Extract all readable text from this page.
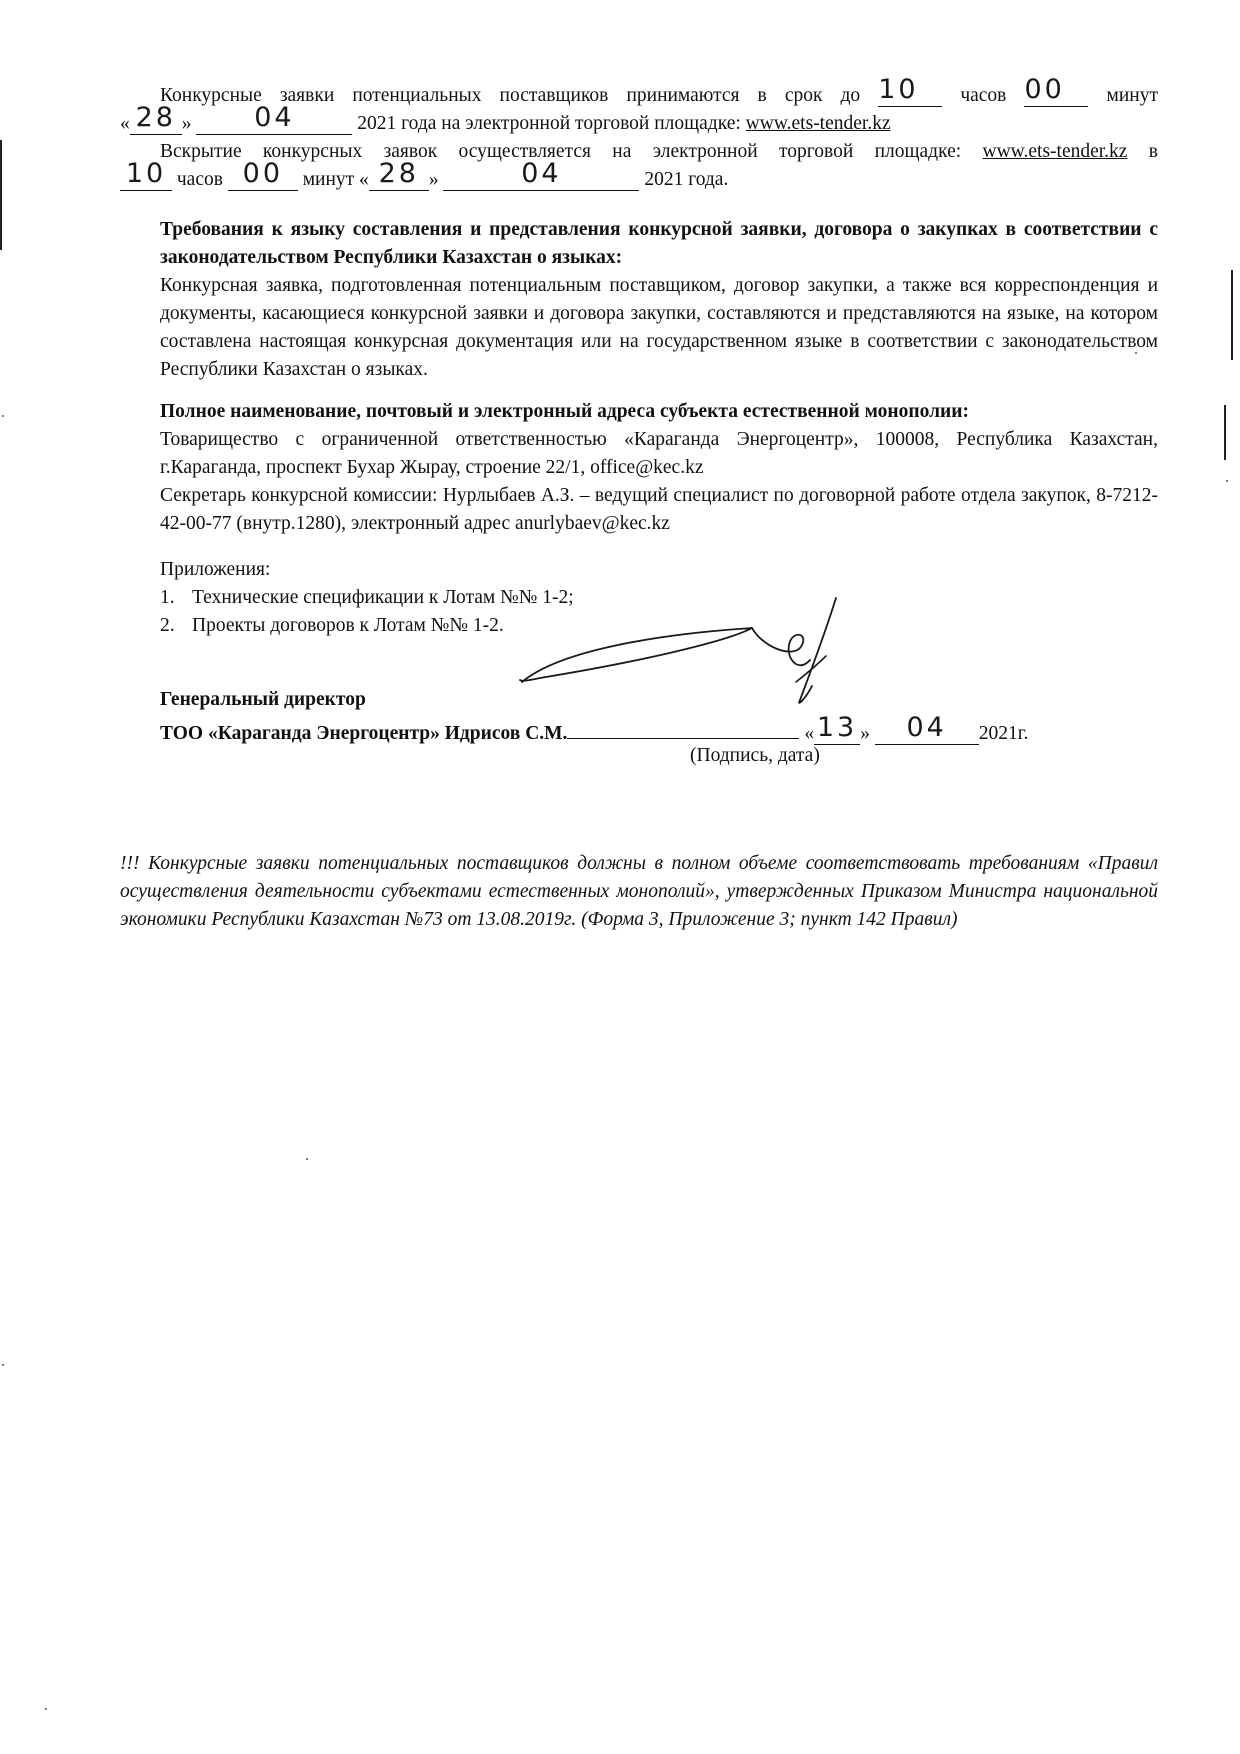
Конкурсные заявки потенциальных поставщиков принимаются в срок до 10 часов 00 минут
« 28 » 04	2021 года на электронной торговой площадке: www.ets-tender.kz
Вскрытие конкурсных заявок осуществляется на электронной торговой площадке: www.ets-tender.kz в
10 часов 00 минут « 28 »	04	2021 года.
Требования к языку составления и представления конкурсной заявки, договора о закупках в соответствии с законодательством Республики Казахстан о языках:
Конкурсная заявка, подготовленная потенциальным поставщиком, договор закупки, а также вся корреспонденция и документы, касающиеся конкурсной заявки и договора закупки, составляются и представляются на языке, на котором составлена настоящая конкурсная документация или на государственном языке в соответствии с законодательством Республики Казахстан о языках.
Полное наименование, почтовый и электронный адреса субъекта естественной монополии:
Товарищество с ограниченной ответственностью «Караганда Энергоцентр», 100008, Республика Казахстан, г.Караганда, проспект Бухар Жырау, строение 22/1, office@kec.kz
Секретарь конкурсной комиссии: Нурлыбаев А.З. – ведущий специалист по договорной работе отдела закупок, 8-7212-42-00-77 (внутр.1280), электронный адрес anurlybaev@kec.kz
Приложения:
1. Технические спецификации к Лотам №№ 1-2;
2. Проекты договоров к Лотам №№ 1-2.
Генеральный директор
ТОО «Караганда Энергоцентр» Идрисов С.М.	« 13 » 04 2021г.
(Подпись, дата)
!!! Конкурсные заявки потенциальных поставщиков должны в полном объеме соответствовать требованиям «Правил осуществления деятельности субъектами естественных монополий», утвержденных Приказом Министра национальной экономики Республики Казахстан №73 от 13.08.2019г. (Форма 3, Приложение 3; пункт 142 Правил)
